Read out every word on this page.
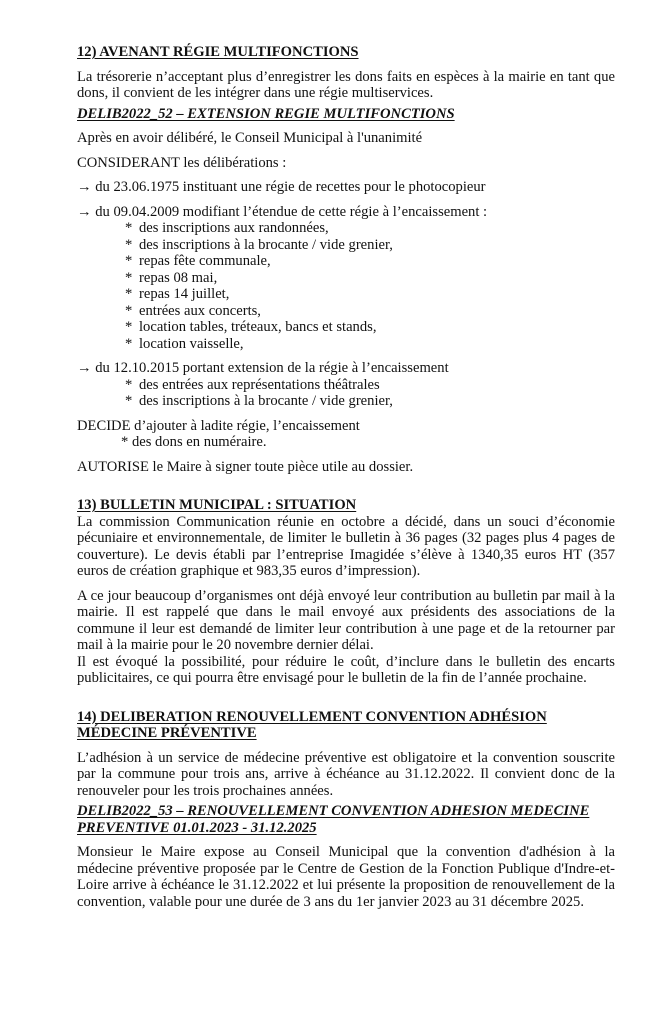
12) AVENANT RÉGIE MULTIFONCTIONS

La trésorerie n’acceptant plus d’enregistrer les dons faits en espèces à la mairie en tant que dons, il convient de les intégrer dans une régie multiservices.

DELIB2022_52 – EXTENSION REGIE MULTIFONCTIONS

Après en avoir délibéré, le Conseil Municipal à l'unanimité

CONSIDERANT les délibérations :

→ du 23.06.1975 instituant une régie de recettes pour le photocopieur

→ du 09.04.2009 modifiant l’étendue de cette régie à l’encaissement :

* des inscriptions aux randonnées,

* des inscriptions à la brocante / vide grenier,

* repas fête communale,

* repas 08 mai,

* repas 14 juillet,

* entrées aux concerts,

* location tables, tréteaux, bancs et stands,

* location vaisselle,

→ du 12.10.2015 portant extension de la régie à l’encaissement

* des entrées aux représentations théâtrales

* des inscriptions à la brocante / vide grenier,

DECIDE d’ajouter à ladite régie, l’encaissement

* des dons en numéraire.

AUTORISE le Maire à signer toute pièce utile au dossier.

13) BULLETIN MUNICIPAL : SITUATION

La commission Communication réunie en octobre a décidé, dans un souci d’économie pécuniaire et environnementale, de limiter le bulletin à 36 pages (32 pages plus 4 pages de couverture). Le devis établi par l’entreprise Imagidée s’élève à 1340,35 euros HT (357 euros de création graphique et 983,35 euros d’impression).

A ce jour beaucoup d’organismes ont déjà envoyé leur contribution au bulletin par mail à la mairie. Il est rappelé que dans le mail envoyé aux présidents des associations de la commune il leur est demandé de limiter leur contribution à une page et de la retourner par mail à la mairie pour le 20 novembre dernier délai.

Il est évoqué la possibilité, pour réduire le coût, d’inclure dans le bulletin des encarts publicitaires, ce qui pourra être envisagé pour le bulletin de la fin de l’année prochaine.

14) DELIBERATION RENOUVELLEMENT CONVENTION ADHÉSION MÉDECINE PRÉVENTIVE

L’adhésion à un service de médecine préventive est obligatoire et la convention souscrite par la commune pour trois ans, arrive à échéance au 31.12.2022. Il convient donc de la renouveler pour les trois prochaines années.

DELIB2022_53 – RENOUVELLEMENT CONVENTION ADHESION MEDECINE PREVENTIVE 01.01.2023 - 31.12.2025

Monsieur le Maire expose au Conseil Municipal que la convention d'adhésion à la médecine préventive proposée par le Centre de Gestion de la Fonction Publique d'Indre-et-Loire arrive à échéance le 31.12.2022 et lui présente la proposition de renouvellement de la convention, valable pour une durée de 3 ans du 1er janvier 2023 au 31 décembre 2025.
